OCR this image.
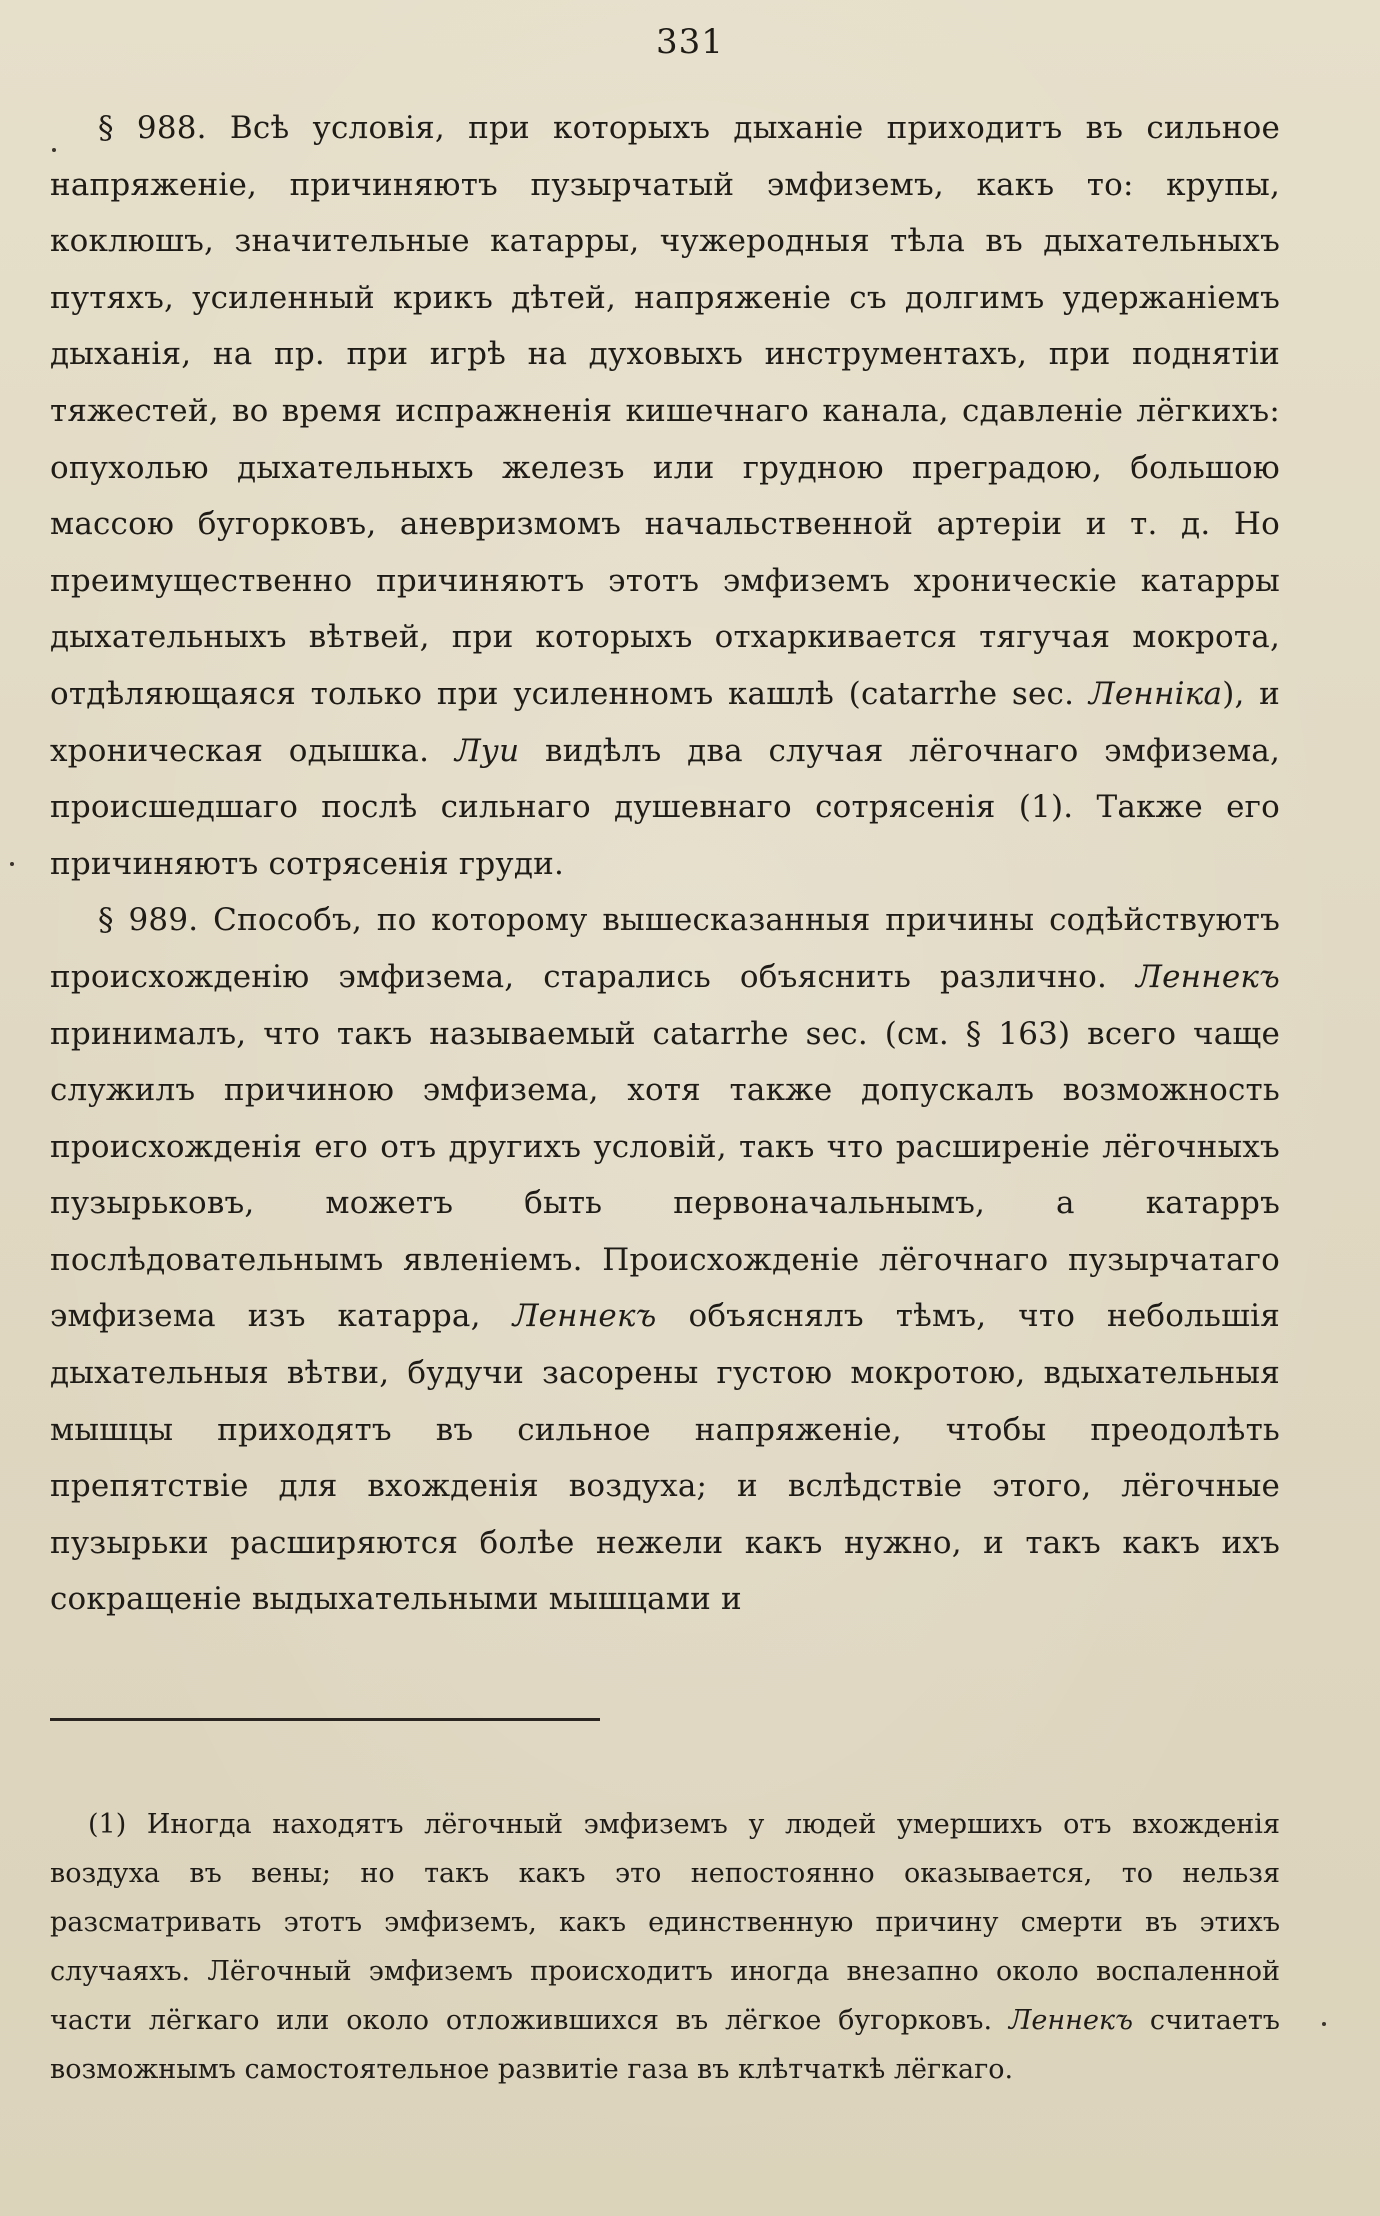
331

§ 988. Всѣ условія, при которыхъ дыханіе приходитъ въ сильное напряженіе, причиняютъ пузырчатый эмфиземъ, какъ то: крупы, коклюшъ, значительные катарры, чужеродныя тѣла въ дыхательныхъ путяхъ, усиленный крикъ дѣтей, напряженіе съ долгимъ удержаніемъ дыханія, на пр. при игрѣ на духовыхъ инструментахъ, при поднятіи тяжестей, во время испражненія кишечнаго канала, сдавленіе лёгкихъ: опухолью дыхательныхъ железъ или грудною преградою, большою массою бугорковъ, аневризмомъ начальственной артеріи и т. д. Но преимущественно причиняютъ этотъ эмфиземъ хроническіе катарры дыхательныхъ вѣтвей, при которыхъ отхаркивается тягучая мокрота, отдѣляющаяся только при усиленномъ кашлѣ (catarrhe sec. Ленніка), и хроническая одышка. Луи видѣлъ два случая лёгочнаго эмфизема, происшедшаго послѣ сильнаго душевнаго сотрясенія (1). Также его причиняютъ сотрясенія груди.

§ 989. Способъ, по которому вышесказанныя причины содѣйствуютъ происхожденію эмфизема, старались объяснить различно. Леннекъ принималъ, что такъ называемый catarrhe sec. (см. § 163) всего чаще служилъ причиною эмфизема, хотя также допускалъ возможность происхожденія его отъ другихъ условій, такъ что расширеніе лёгочныхъ пузырьковъ, можетъ быть первоначальнымъ, а катарръ послѣдовательнымъ явленіемъ. Происхожденіе лёгочнаго пузырчатаго эмфизема изъ катарра, Леннекъ объяснялъ тѣмъ, что небольшія дыхательныя вѣтви, будучи засорены густою мокротою, вдыхательныя мышцы приходятъ въ сильное напряженіе, чтобы преодолѣть препятствіе для вхожденія воздуха; и вслѣдствіе этого, лёгочные пузырьки расширяются болѣе нежели какъ нужно, и такъ какъ ихъ сокращеніе выдыхательными мышцами и

(1) Иногда находятъ лёгочный эмфиземъ у людей умершихъ отъ вхожденія воздуха въ вены; но такъ какъ это непостоянно оказывается, то нельзя разсматривать этотъ эмфиземъ, какъ единственную причину смерти въ этихъ случаяхъ. Лёгочный эмфиземъ происходитъ иногда внезапно около воспаленной части лёгкаго или около отложившихся въ лёгкое бугорковъ. Леннекъ считаетъ возможнымъ самостоятельное развитіе газа въ клѣтчаткѣ лёгкаго.
